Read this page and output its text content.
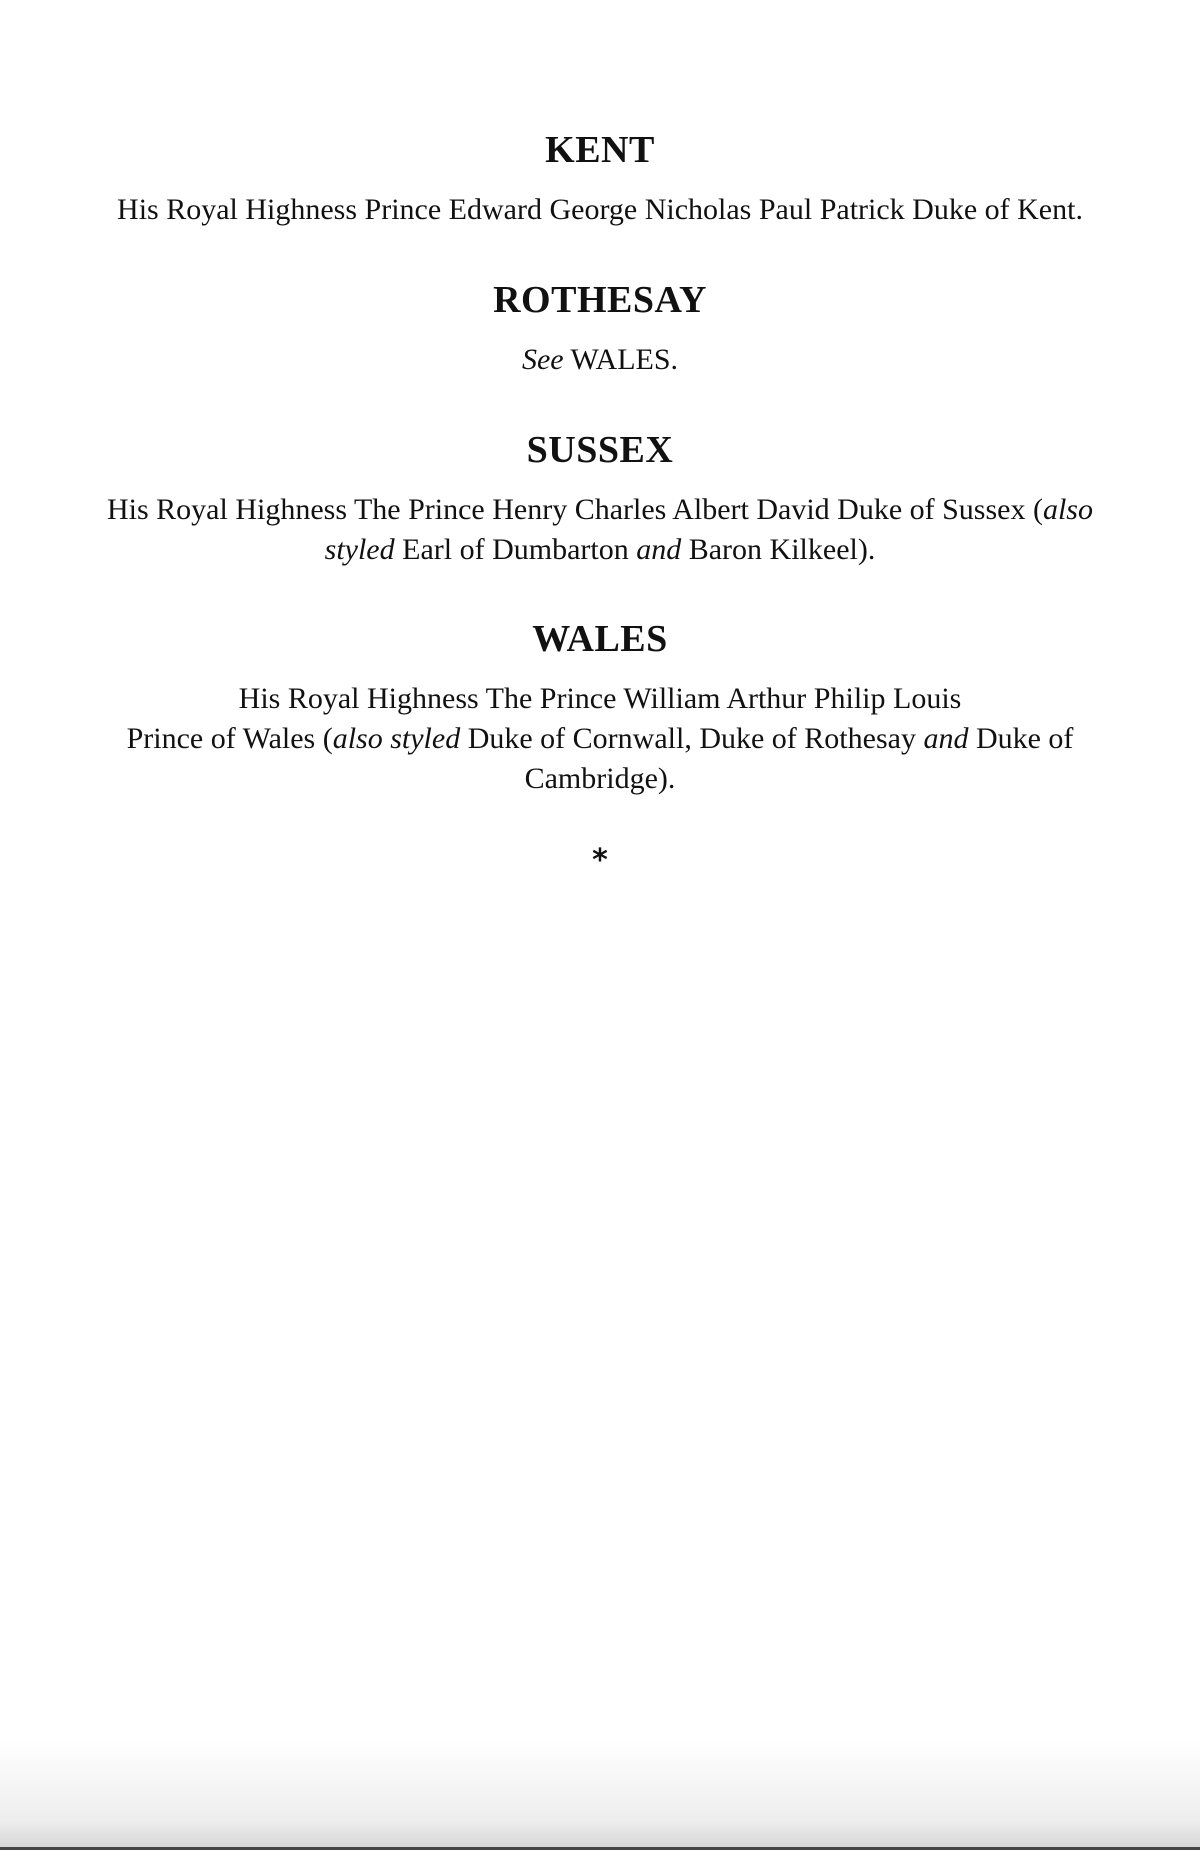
KENT

His Royal Highness Prince Edward George Nicholas Paul Patrick Duke of Kent.

ROTHESAY

See WALES.

SUSSEX

His Royal Highness The Prince Henry Charles Albert David Duke of Sussex (also
styled Earl of Dumbarton and Baron Kilkeel).

WALES

His Royal Highness The Prince William Arthur Philip Louis
Prince of Wales (also styled Duke of Cornwall, Duke of Rothesay and Duke of
Cambridge).

*
